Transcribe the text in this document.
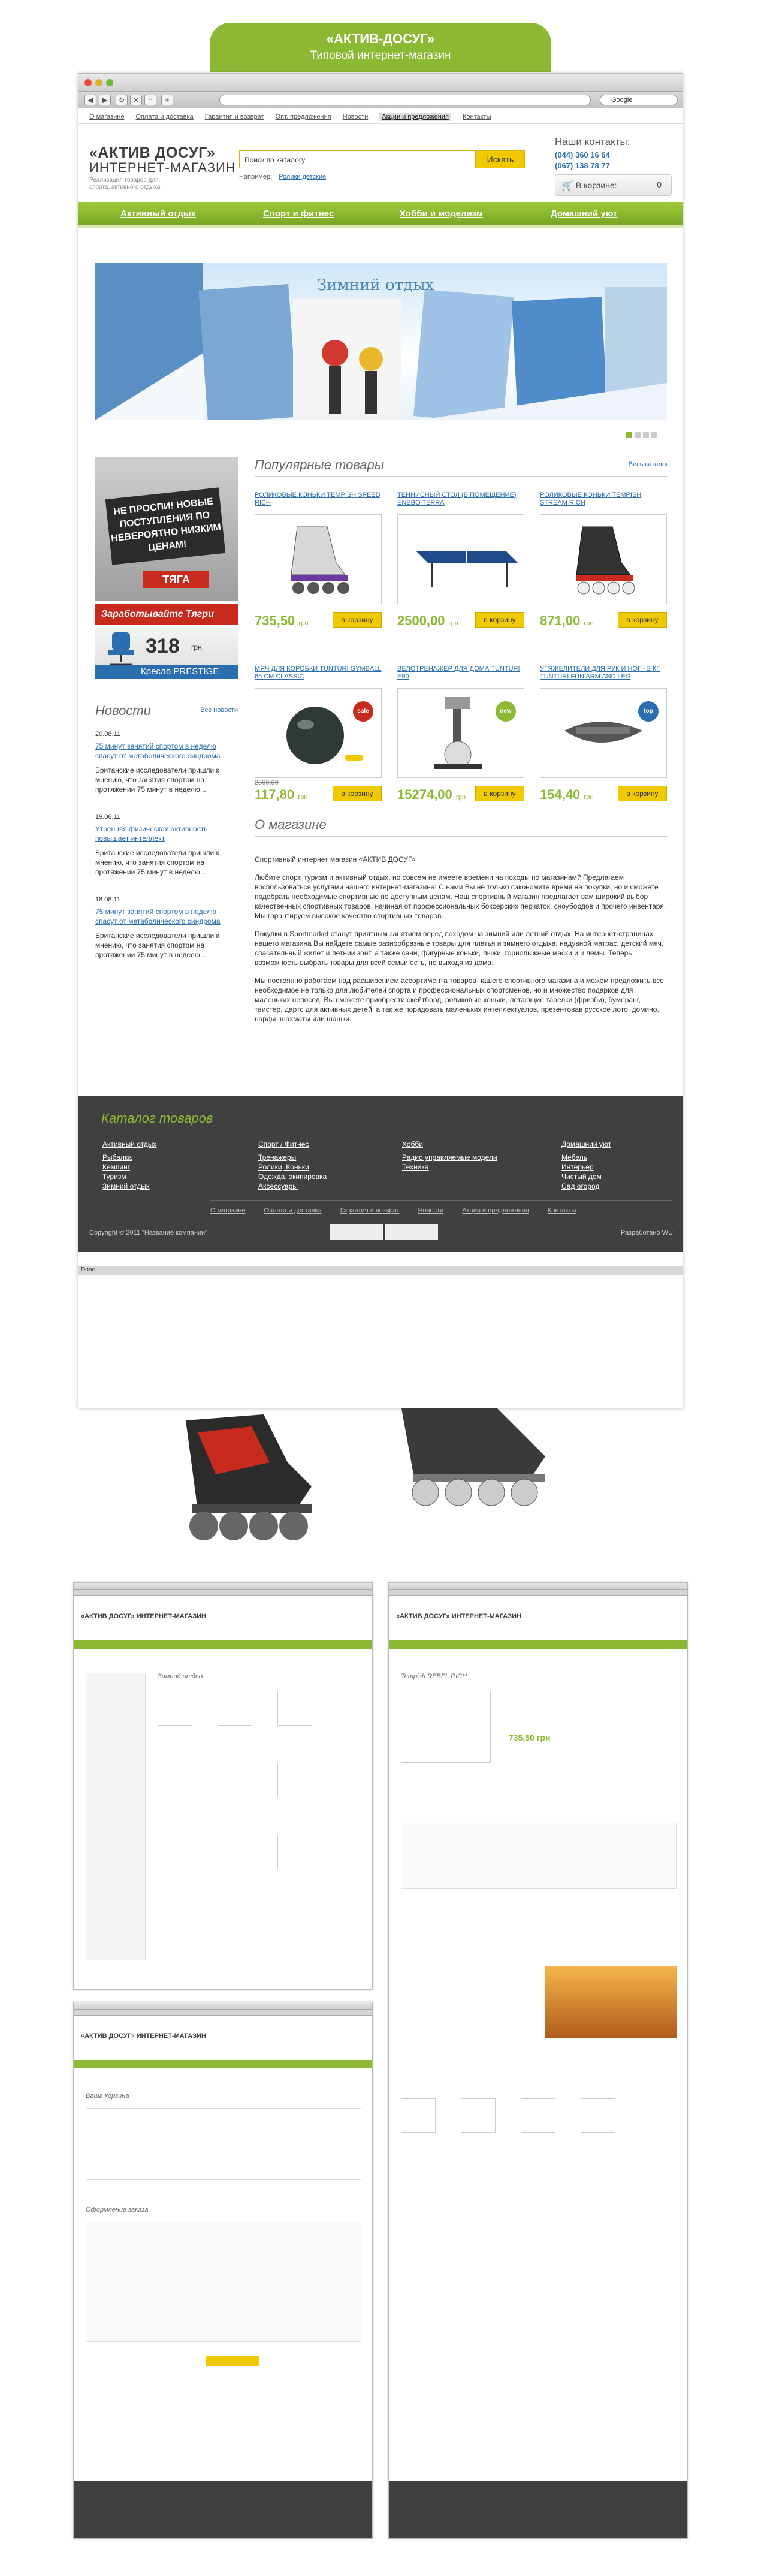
«АКТИВ-ДОСУГ»
Типовой интернет-магазин
◀	▶	↻	✕	⌂	+	Google
О магазине Оплата и доставка Гарантия и возврат Опт, предложения Новости Акции и предложения Контакты
«АКТИВ ДОСУГ»
ИНТЕРНЕТ-МАГАЗИН
Реализация товаров для спорта, активного отдыха
Поиск по каталогу	Искать
Например: Ролики детские
Наши контакты:
(044) 360 16 64
(067) 138 78 77
🛒 В корзине:	0
Активный отдых	Спорт и фитнес	Хобби и моделизм	Домашний уют
Зимний отдых
НЕ ПРОСПИ! НОВЫЕ ПОСТУПЛЕНИЯ ПО НЕВЕРОЯТНО НИЗКИМ ЦЕНАМ!
ТЯГА
Заработывайте Тягри
318 грн.
Кресло PRESTIGE
Новости	Все новости
20.08.11
75 минут занятий спортом в неделю спасут от метаболического синдрома

Британские исследователи пришли к мнению, что занятия спортом на протяжении 75 минут в неделю...

19.08.11
Утренняя физическая активность повышает интеллект

Британские исследователи пришли к мнению, что занятия спортом на протяжении 75 минут в неделю...

18.08.11
75 минут занятий спортом в неделю спасут от метаболического синдрома

Британские исследователи пришли к мнению, что занятия спортом на протяжении 75 минут в неделю...

Популярные товары	Весь каталог
РОЛИКОВЫЕ КОНЬКИ TEMPISH SPEED RICH
735,50 грн	в корзину
ТЕННИСНЫЙ СТОЛ (В ПОМЕЩЕНИЕ) ENEBO TERRA
2500,00 грн	в корзину
РОЛИКОВЫЕ КОНЬКИ TEMPISH STREAM RICH
871,00 грн	в корзину
МЯЧ ДЛЯ КОРОБКИ TUNTURI GYMBALL 65 СМ CLASSIC
sale
2500,00
117,80 грн	в корзину
ВЕЛОТРЕНАЖЕР ДЛЯ ДОМА TUNTURI E90
new
15274,00 грн	в корзину
УТЯЖЕЛИТЕЛИ ДЛЯ РУК И НОГ - 2 КГ TUNTURI FUN ARM AND LEG
top
154,40 грн	в корзину
О магазине

Спортивный интернет магазин «АКТИВ ДОСУГ»

Любите спорт, туризм и активный отдых, но совсем не имеете времени на походы по магазинам? Предлагаем воспользоваться услугами нашего интернет-магазина! С нами Вы не только сэкономите время на покупки, но и сможете подобрать необходимые спортивные по доступным ценам. Наш спортивный магазин предлагает вам широкий выбор качественных спортивных товаров, начиная от профессиональных боксерских перчаток, сноубордов и прочего инвентаря. Мы гарантируем высокое качество спортивных товаров.

Покупки в Sportmarket станут приятным занятием перед походом на зимний или летний отдых. На интернет-страницах нашего магазина Вы найдете самые разнообразные товары для платья и зимнего отдыха: надувной матрас, детский мяч, спасательный жилет и летний зонт, а также сани, фигурные коньки, лыжи, горнолыжные маски и шлемы. Теперь возможность выбрать товары для всей семьи есть, не выходя из дома.

Мы постоянно работаем над расширением ассортимента товаров нашего спортивного магазина и можем предложить все необходимое не только для любителей спорта и профессиональных спортсменов, но и множество подарков для маленьких непосед. Вы сможете приобрести скейтборд, роликовые коньки, летающие тарелки (фризби), бумеранг, твистер, дартс для активных детей, а так же порадовать маленьких интеллектуалов, презентовав русское лото, домино, нарды, шахматы или шашки.

Каталог товаров
Активный отдых
Рыбалка
Кемпинг
Туризм
Зимний отдых
Спорт / Фитнес
Тренажеры
Ролики, Коньки
Одежда, экипировка
Аксессуары
Хобби
Радио управляемые модели
Техника
Домашний уют
Мебель
Интерьер
Чистый дом
Сад огород
О магазине	Оплата и доставка	Гарантия и возврат	Новости	Акции и предложения	Контакты
Copyright © 2011 "Название компании"	Разработано WU
Done
«АКТИВ ДОСУГ» ИНТЕРНЕТ-МАГАЗИН
Зимний отдых
«АКТИВ ДОСУГ» ИНТЕРНЕТ-МАГАЗИН
Tempish REBEL RICH
735,50 грн
«АКТИВ ДОСУГ» ИНТЕРНЕТ-МАГАЗИН
Ваша корзина
Оформление заказа
